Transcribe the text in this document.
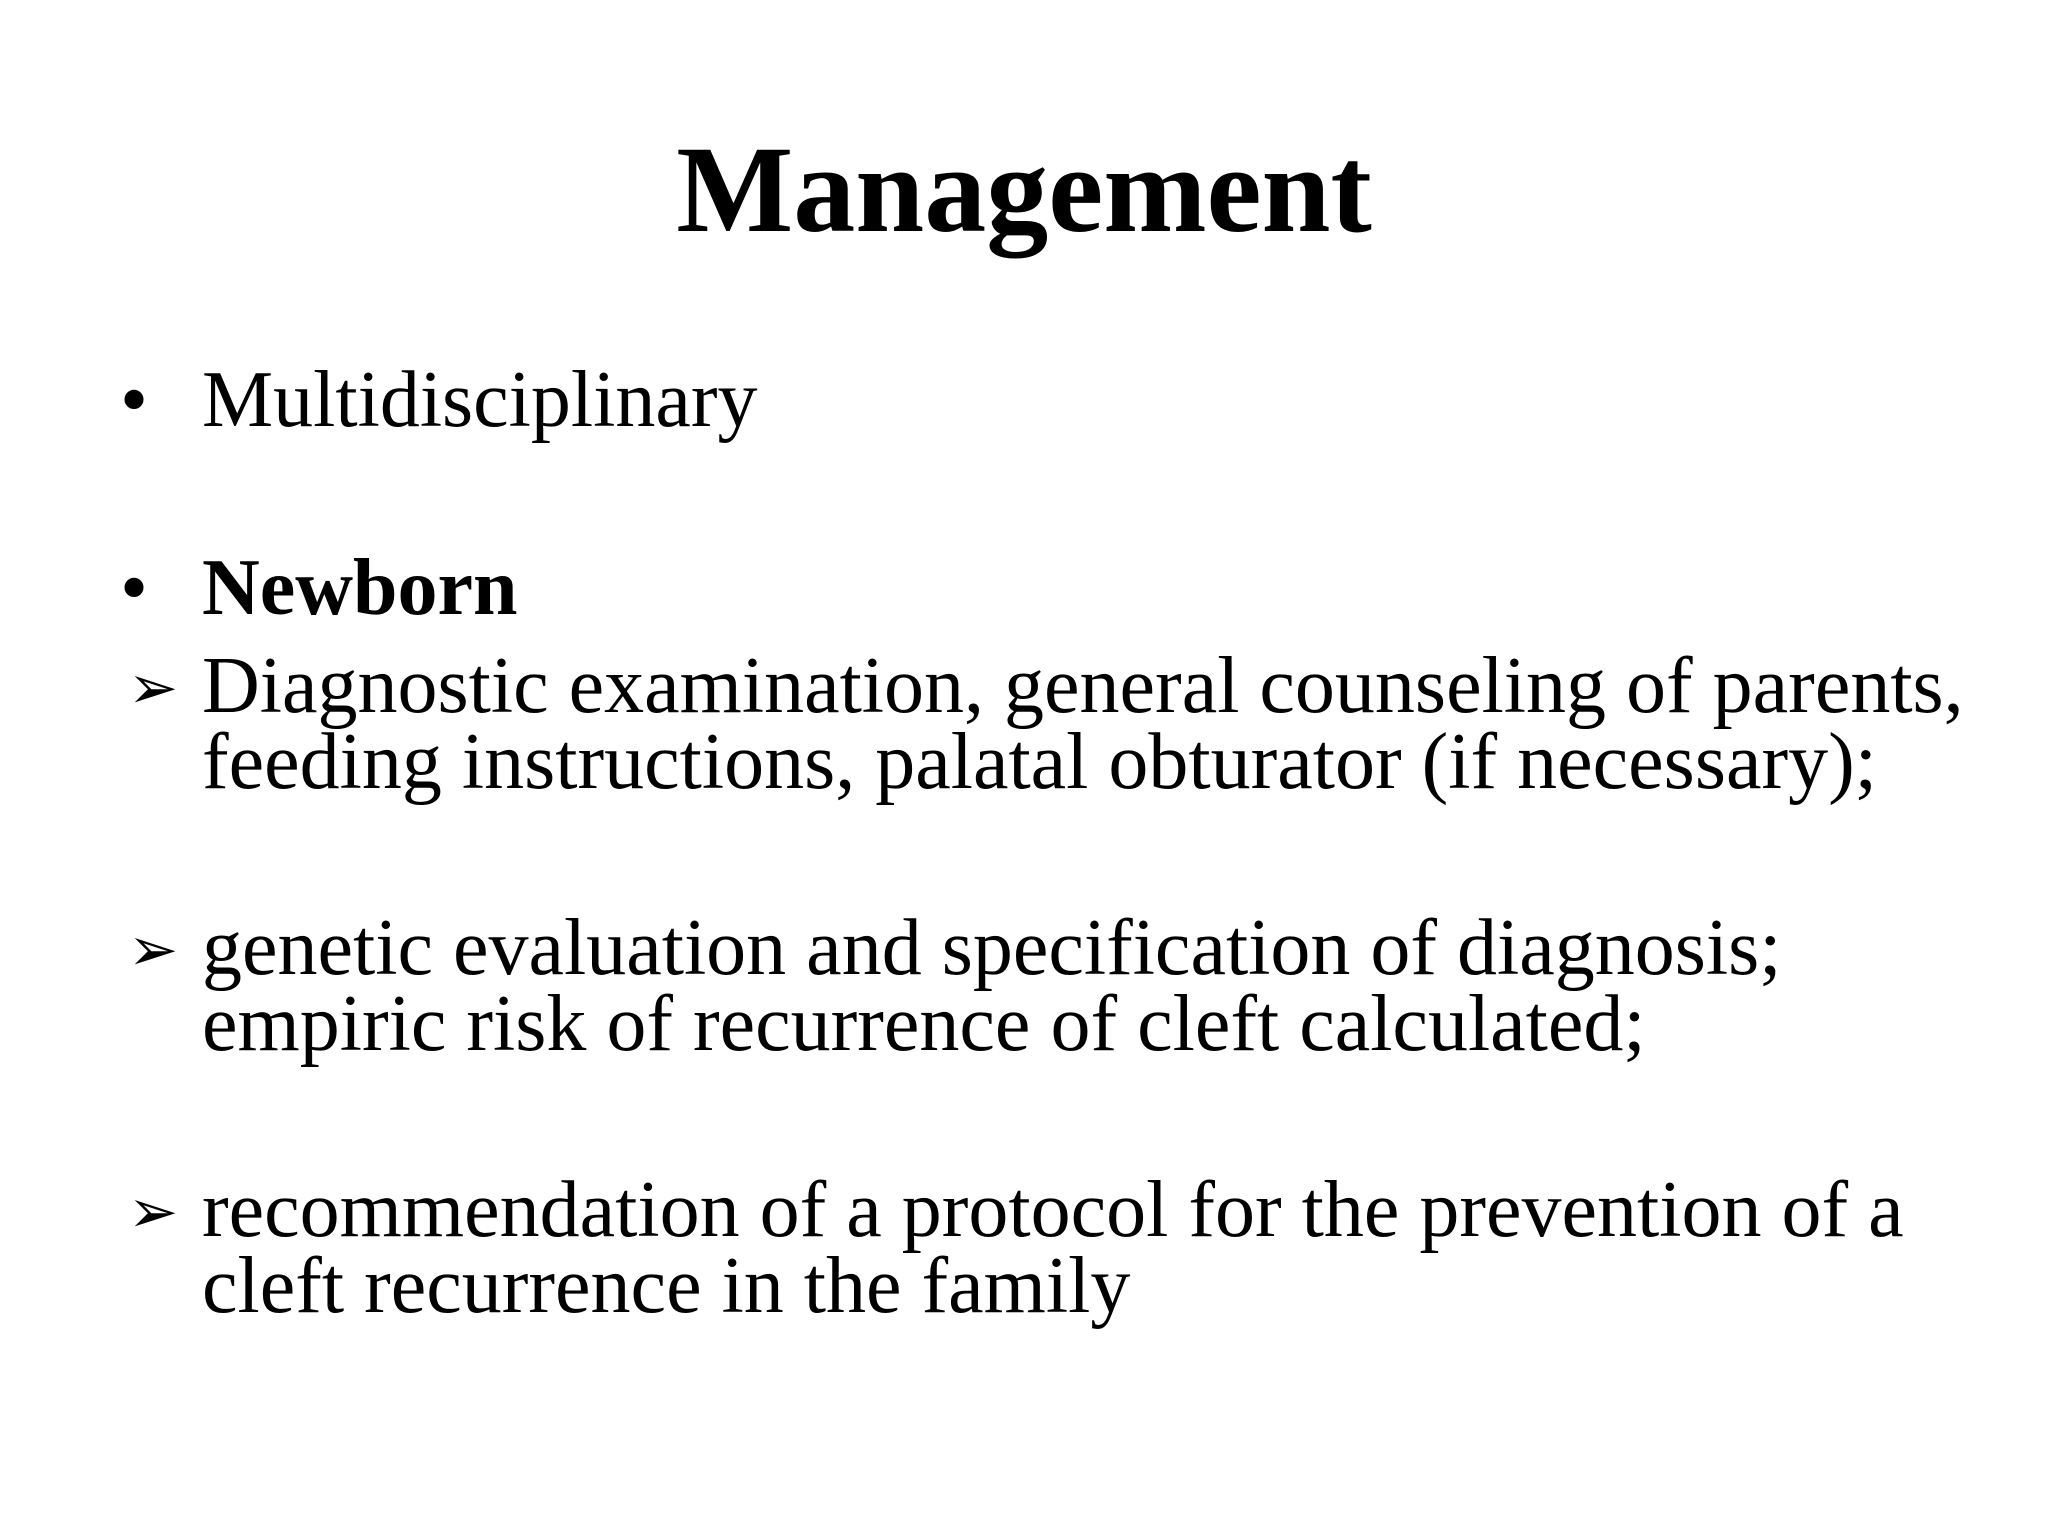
Management
• Multidisciplinary
• Newborn
➢ Diagnostic examination, general counseling of parents,
feeding instructions, palatal obturator (if necessary);
➢ genetic evaluation and specification of diagnosis;
empiric risk of recurrence of cleft calculated;
➢ recommendation of a protocol for the prevention of a
cleft recurrence in the family
